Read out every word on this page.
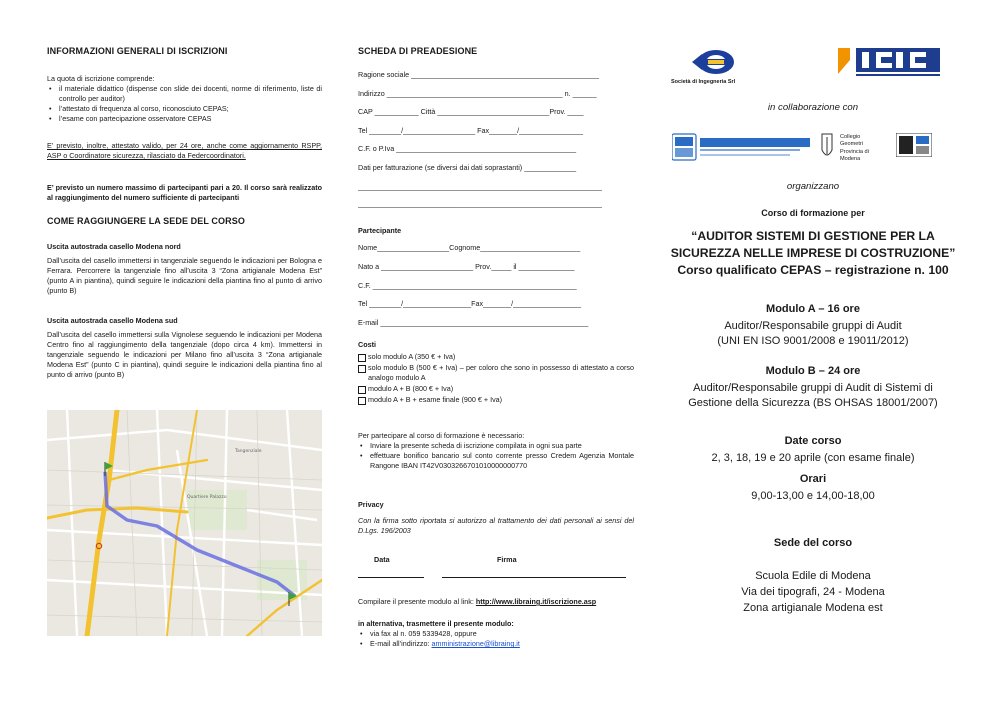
INFORMAZIONI GENERALI DI ISCRIZIONI
La quota di iscrizione comprende:
• il materiale didattico (dispense con slide dei docenti, norme di riferimento, liste di controllo per auditor)
• l’attestato di frequenza al corso, riconosciuto CEPAS;
• l’esame con partecipazione osservatore CEPAS
E’ previsto, inoltre, attestato valido, per 24 ore, anche come aggiornamento RSPP, ASP o Coordinatore sicurezza, rilasciato da Federcoordinatori.
E’ previsto un numero massimo di partecipanti pari a 20. Il corso sarà realizzato al raggiungimento del numero sufficiente di partecipanti
COME RAGGIUNGERE LA SEDE DEL CORSO
Uscita autostrada casello Modena nord
Dall’uscita del casello immettersi in tangenziale seguendo le indicazioni per Bologna e Ferrara. Percorrere la tangenziale fino all’uscita 3 “Zona artigianale Modena Est” (punto A in piantina), quindi seguire le indicazioni della piantina fino al punto di arrivo (punto B)
Uscita autostrada casello Modena sud
Dall’uscita del casello immettersi sulla Vignolese seguendo le indicazioni per Modena Centro fino al raggiungimento della tangenziale (dopo circa 4 km). Immettersi in tangenziale seguendo le indicazioni per Milano fino all’uscita 3 “Zona artigianale Modena Est” (punto C in piantina), quindi seguire le indicazioni della piantina fino al punto di arrivo (punto B)
Tangenziale
Quartiere Palazzo
SCHEDA DI PREADESIONE
Ragione sociale _______________________________________________
Indirizzo ____________________________________________ n. ______
CAP ___________ Città ____________________________Prov. ____
Tel ________/__________________ Fax_______/________________
C.F. o P.Iva _____________________________________________
Dati per fatturazione (se diversi dai dati soprastanti) _____________
_____________________________________________________________
_____________________________________________________________
Partecipante
Nome__________________Cognome_________________________
Nato a _______________________ Prov._____ il ______________
C.F. ___________________________________________________
Tel ________/_________________Fax_______/_________________
E-mail ____________________________________________________
Costi
solo modulo A (350 € + Iva)
solo modulo B (500 € + Iva) – per coloro che sono in possesso di attestato a corso analogo modulo A
modulo A + B (800 € + Iva)
modulo A + B + esame finale (900 € + Iva)
Per partecipare al corso di formazione è necessario:
• Inviare la presente scheda di iscrizione compilata in ogni sua parte
• effettuare bonifico bancario sul conto corrente presso Credem Agenzia Montale Rangone IBAN IT42V0303266701010000000770
Privacy
Con la firma sotto riportata si autorizzo al trattamento dei dati personali ai sensi del D.Lgs. 196/2003
Data	Firma
Compilare il presente modulo al link: http://www.libraing.it/iscrizione.asp
in alternativa, trasmettere il presente modulo:
• via fax al n. 059 5339428, oppure
• E-mail all’indirizzo: amministrazione@libraing.it
Società di Ingegneria Srl
in collaborazione con
Collegio
Geometri
Provincia di
Modena
organizzano
Corso di formazione per
“AUDITOR SISTEMI DI GESTIONE PER LA
SICUREZZA NELLE IMPRESE DI COSTRUZIONE”
Corso qualificato CEPAS – registrazione n. 100
Modulo A – 16 ore
Auditor/Responsabile gruppi di Audit
(UNI EN ISO 9001/2008 e 19011/2012)
Modulo B – 24 ore
Auditor/Responsabile gruppi di Audit di Sistemi di
Gestione della Sicurezza (BS OHSAS 18001/2007)
Date corso
2, 3, 18, 19 e 20 aprile (con esame finale)
Orari
9,00-13,00 e 14,00-18,00
Sede del corso
Scuola Edile di Modena
Via dei tipografi, 24 - Modena
Zona artigianale Modena est
